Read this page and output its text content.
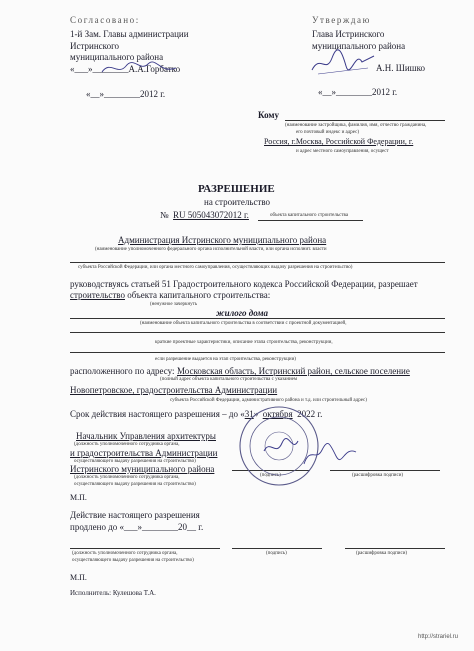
Согласовано:
1-й Зам. Главы администрации
Истринского
муниципального района
«___»________А.А.Горбатко
«__»________2012 г.
Утверждаю
Глава Истринского
муниципального района
А.Н. Шишко
«__»________2012 г.
Кому
(наименование застройщика, фамилия, имя, отчество гражданина,
его почтовый индекс и адрес)
Россия, г.Москва, Российской Федерации, г.
и адрес местного самоуправления, осущест
РАЗРЕШЕНИЕ
на строительство
№ RU 505043072012 г.	объекта капитального строительства
Администрация Истринского муниципального района
(наименование уполномоченного федерального органа исполнительной власти, или органа исполнит. власти
субъекта Российской Федерации, или органа местного самоуправления, осуществляющих выдачу разрешения на строительство)
руководствуясь статьей 51 Градостроительного кодекса Российской Федерации, разрешает
строительство объекта капитального строительства:
(ненужное зачеркнуть
жилого дома
(наименование объекта капитального строительства в соответствии с проектной документацией,
краткие проектные характеристики, описание этапа строительства, реконструкции,
если разрешение выдается на этап строительства, реконструкции)
расположенного по адресу: Московская область, Истринский район, сельское поселение
(полный адрес объекта капитального строительства с указанием
Новопетровское, градостроительства Администрации
субъекта Российской Федерации, административного района и т.д. или строительный адрес)
Срок действия настоящего разрешения – до «31» октября 2022 г.
Начальник Управления архитектуры
(должность уполномоченного сотрудника органа,
и градостроительства Администрации
осуществляющего выдачу разрешения на строительство)
Истринского муниципального района
(должность уполномоченного сотрудника органа,
осуществляющего выдачу разрешения на строительство)
(подпись)	(расшифровка подписи)
М.П.
Действие настоящего разрешения
продлено до «___»________20__ г.
(должность уполномоченного сотрудника органа,
осуществляющего выдачу разрешения на строительство)
(подпись)	(расшифровка подписи)
М.П.
Исполнитель: Кулешова Т.А.
http://strariel.ru
